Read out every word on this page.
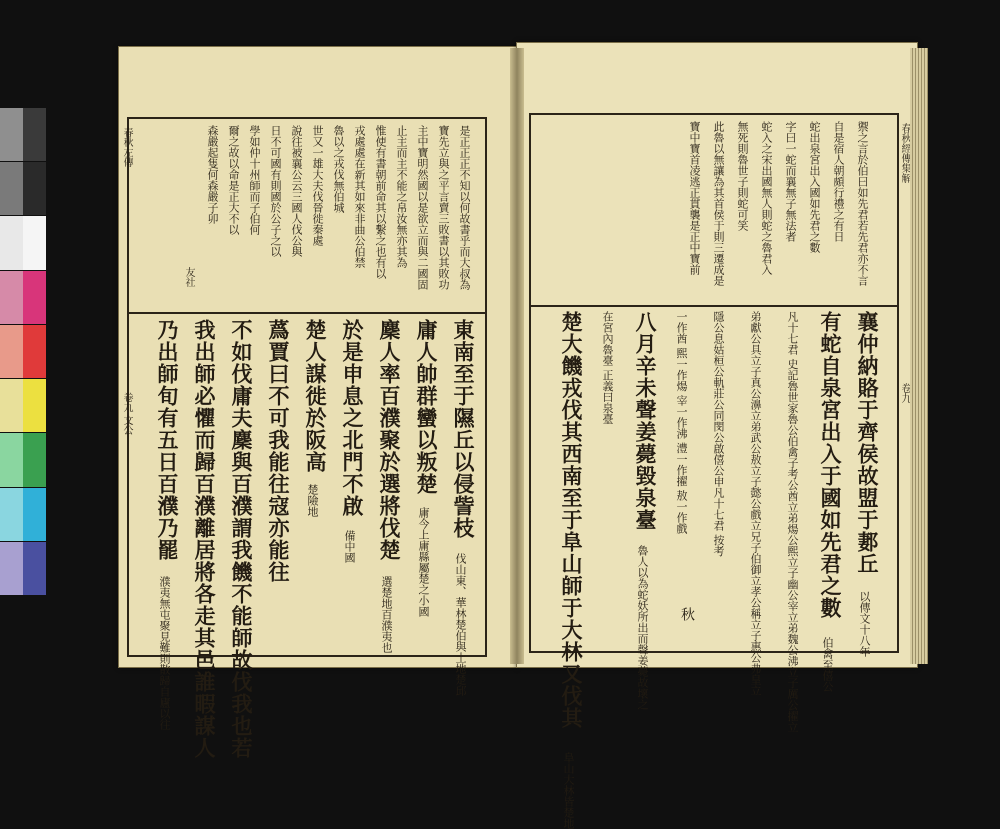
春秋左傳
卷九 文公
是正正正不知以何故書乎而大叔為
寶先立與之平言賣三敗書以其敗功
主中寶明然國以是欲立而與二國固
止主而主不能之帛汝無亦其為
惟使有書朝前命其以繫之也有以
戎處處在新其如來非曲公伯禁
魯以之戎伐無伯城
世又一雄大夫伐晉徙秦處
說往被襄公云三國人伐公與
日不可國有則國於公子之以
學如仲十州師而子伯何
爾之故以命是正大不以
森嚴起隻何森嚴子卯
友社
東南至于隰丘以侵訾枝
伐山東、華林楚伯與土地楚邱
庸人帥群蠻以叛楚
庸今上庸縣屬楚之小國
麇人率百濮聚於選將伐楚
選楚地百濮夷也
於是申息之北門不啟
備中國
楚人謀徙於阪高
楚險地
蔿賈曰不可我能往寇亦能往
不如伐庸夫麇與百濮謂我饑不能師故伐我也若
我出師必懼而歸百濮離居將各走其邑誰暇謀人
乃出師旬有五日百濮乃罷
濮夷無屯聚見難則散歸自廬以往
春秋經傳集解
卷九
禦之言於伯曰如先君若先君亦不言
自是宿人朝頗行禮之有日
蛇出泉宮出入國如先君之數
字曰一蛇而襄無子無法者
蛇入之宋出國無人則蛇之魯君入
無死則魯世子則蛇可笑
此魯以無讓為其首侯于則三遷成是
寶中寶首凌逃正貫襲是正中寶前
襄仲納賂于齊侯故盟于郪丘
以傳文十八年
有蛇自泉宮出入于國如先君之數
伯禽至僖公
凡十七君 史記魯世家魯公伯禽子考公酋立弟煬公熙立子幽公宰立弟魏公沸立子厲公擢立
弟獻公具立子真公濞立弟武公敖立子懿公戲立兄子伯御立孝公稱立子惠公弗皇立
隱公息姑桓公軌莊公同閔公啟僖公申凡十七君 按考
一作酋 熙一作煬 宰一作沸 澧一作擢 敖一作戲
八月辛未聲姜薨毀泉臺
魯人以為蛇妖所出而聲姜薨故壞之
在宮內魯臺 正義曰泉臺
楚大饑戎伐其西南至于阜山師于大林又伐其
阜山大林皆楚地
秋
